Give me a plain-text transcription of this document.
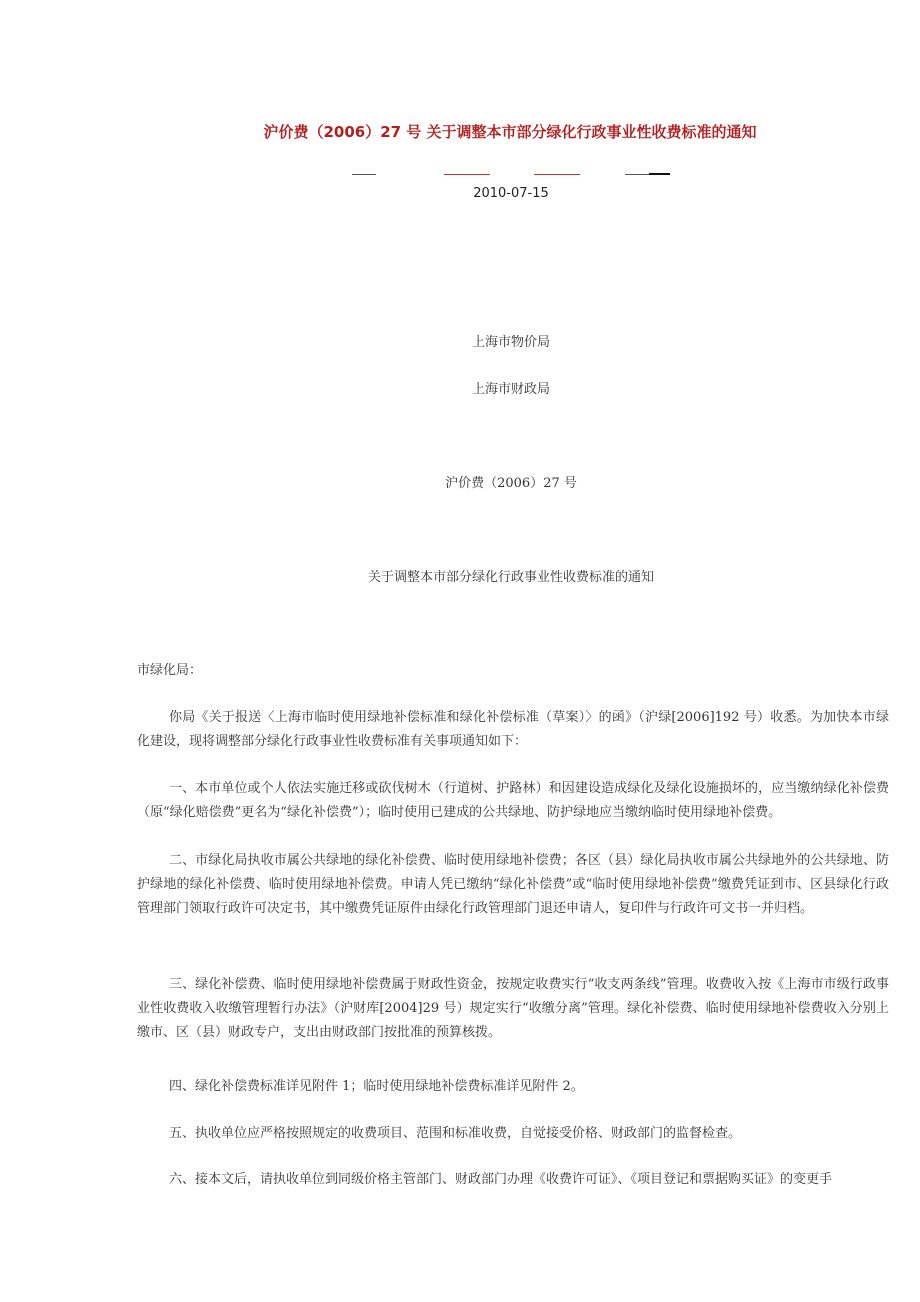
沪价费（2006）27 号 关于调整本市部分绿化行政事业性收费标准的通知
2010-07-15
上海市物价局
上海市财政局
沪价费（2006）27 号
关于调整本市部分绿化行政事业性收费标准的通知
市绿化局：
你局《关于报送〈上海市临时使用绿地补偿标准和绿化补偿标准（草案）〉的函》（沪绿[2006]192 号）收悉。为加快本市绿化建设，现将调整部分绿化行政事业性收费标准有关事项通知如下：
一、本市单位或个人依法实施迁移或砍伐树木（行道树、护路林）和因建设造成绿化及绿化设施损坏的，应当缴纳绿化补偿费（原“绿化赔偿费”更名为“绿化补偿费”）；临时使用已建成的公共绿地、防护绿地应当缴纳临时使用绿地补偿费。
二、市绿化局执收市属公共绿地的绿化补偿费、临时使用绿地补偿费；各区（县）绿化局执收市属公共绿地外的公共绿地、防护绿地的绿化补偿费、临时使用绿地补偿费。申请人凭已缴纳“绿化补偿费”或“临时使用绿地补偿费”缴费凭证到市、区县绿化行政管理部门领取行政许可决定书，其中缴费凭证原件由绿化行政管理部门退还申请人，复印件与行政许可文书一并归档。
三、绿化补偿费、临时使用绿地补偿费属于财政性资金，按规定收费实行“收支两条线”管理。收费收入按《上海市市级行政事业性收费收入收缴管理暂行办法》（沪财库[2004]29 号）规定实行“收缴分离”管理。绿化补偿费、临时使用绿地补偿费收入分别上缴市、区（县）财政专户，支出由财政部门按批准的预算核拨。
四、绿化补偿费标准详见附件 1；临时使用绿地补偿费标准详见附件 2。
五、执收单位应严格按照规定的收费项目、范围和标准收费，自觉接受价格、财政部门的监督检查。
六、接本文后，请执收单位到同级价格主管部门、财政部门办理《收费许可证》、《项目登记和票据购买证》的变更手
